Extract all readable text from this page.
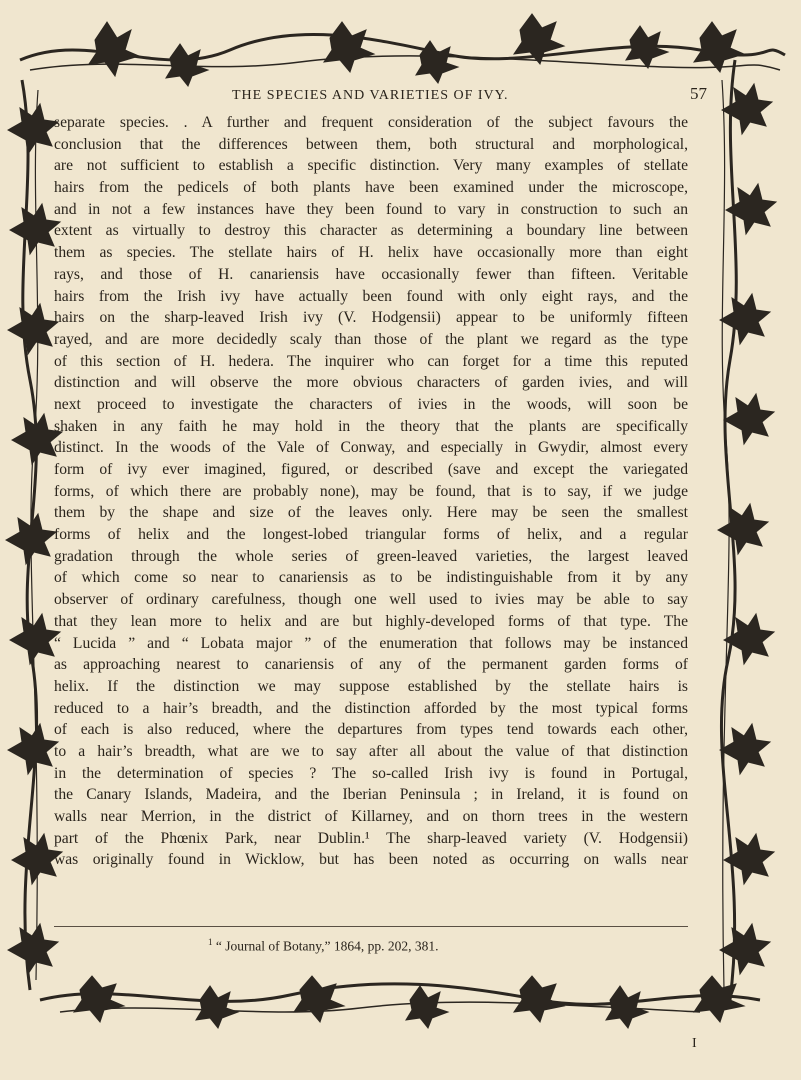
THE SPECIES AND VARIETIES OF IVY.	57
separate species. . A further and frequent consideration of the subject favours the
conclusion that the differences between them, both structural and morphological,
are not sufficient to establish a specific distinction. Very many examples of stellate
hairs from the pedicels of both plants have been examined under the microscope,
and in not a few instances have they been found to vary in construction to such an
extent as virtually to destroy this character as determining a boundary line between
them as species. The stellate hairs of H. helix have occasionally more than eight
rays, and those of H. canariensis have occasionally fewer than fifteen. Veritable
hairs from the Irish ivy have actually been found with only eight rays, and the
hairs on the sharp-leaved Irish ivy (V. Hodgensii) appear to be uniformly fifteen
rayed, and are more decidedly scaly than those of the plant we regard as the type
of this section of H. hedera. The inquirer who can forget for a time this reputed
distinction and will observe the more obvious characters of garden ivies, and will
next proceed to investigate the characters of ivies in the woods, will soon be
shaken in any faith he may hold in the theory that the plants are specifically
distinct. In the woods of the Vale of Conway, and especially in Gwydir, almost every
form of ivy ever imagined, figured, or described (save and except the variegated
forms, of which there are probably none), may be found, that is to say, if we judge
them by the shape and size of the leaves only. Here may be seen the smallest
forms of helix and the longest-lobed triangular forms of helix, and a regular
gradation through the whole series of green-leaved varieties, the largest leaved
of which come so near to canariensis as to be indistinguishable from it by any
observer of ordinary carefulness, though one well used to ivies may be able to say
that they lean more to helix and are but highly-developed forms of that type. The
“ Lucida ” and “ Lobata major ” of the enumeration that follows may be instanced
as approaching nearest to canariensis of any of the permanent garden forms of
helix. If the distinction we may suppose established by the stellate hairs is
reduced to a hair’s breadth, and the distinction afforded by the most typical forms
of each is also reduced, where the departures from types tend towards each other,
to a hair’s breadth, what are we to say after all about the value of that distinction
in the determination of species ? The so-called Irish ivy is found in Portugal,
the Canary Islands, Madeira, and the Iberian Peninsula ; in Ireland, it is found on
walls near Merrion, in the district of Killarney, and on thorn trees in the western
part of the Phœnix Park, near Dublin.¹ The sharp-leaved variety (V. Hodgensii)
was originally found in Wicklow, but has been noted as occurring on walls near
$^1$ “ Journal of Botany,” 1864, pp. 202, 381.
I
